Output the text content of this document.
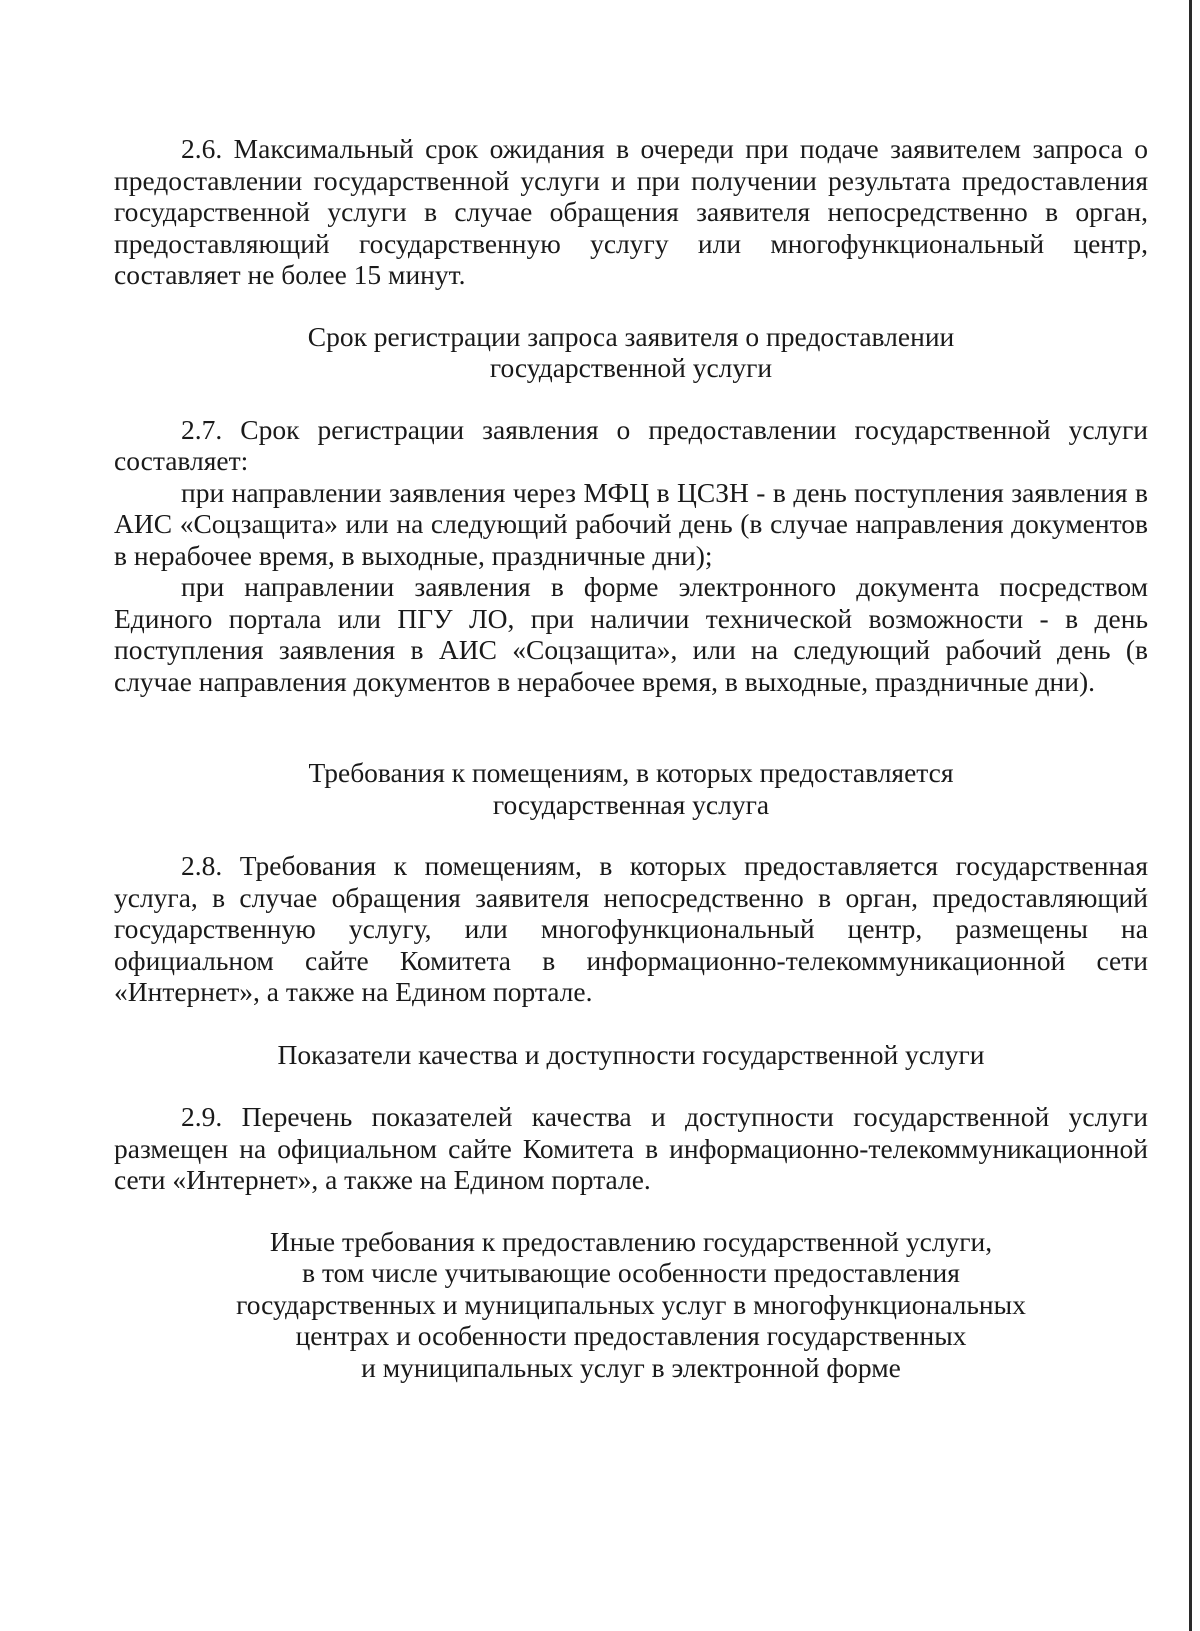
2.6. Максимальный срок ожидания в очереди при подаче заявителем запроса о предоставлении государственной услуги и при получении результата предоставления государственной услуги в случае обращения заявителя непосредственно в орган, предоставляющий государственную услугу или многофункциональный центр, составляет не более 15 минут.

Срок регистрации запроса заявителя о предоставлении
государственной услуги

2.7. Срок регистрации заявления о предоставлении государственной услуги составляет:

при направлении заявления через МФЦ в ЦСЗН - в день поступления заявления в АИС «Соцзащита» или на следующий рабочий день (в случае направления документов в нерабочее время, в выходные, праздничные дни);

при направлении заявления в форме электронного документа посредством Единого портала или ПГУ ЛО, при наличии технической возможности - в день поступления заявления в АИС «Соцзащита», или на следующий рабочий день (в случае направления документов в нерабочее время, в выходные, праздничные дни).

Требования к помещениям, в которых предоставляется
государственная услуга

2.8. Требования к помещениям, в которых предоставляется государственная услуга, в случае обращения заявителя непосредственно в орган, предоставляющий государственную услугу, или многофункциональный центр, размещены на официальном сайте Комитета в информационно-телекоммуникационной сети «Интернет», а также на Едином портале.

Показатели качества и доступности государственной услуги

2.9. Перечень показателей качества и доступности государственной услуги размещен на официальном сайте Комитета в информационно-телекоммуникационной сети «Интернет», а также на Едином портале.

Иные требования к предоставлению государственной услуги,
в том числе учитывающие особенности предоставления
государственных и муниципальных услуг в многофункциональных
центрах и особенности предоставления государственных
и муниципальных услуг в электронной форме
